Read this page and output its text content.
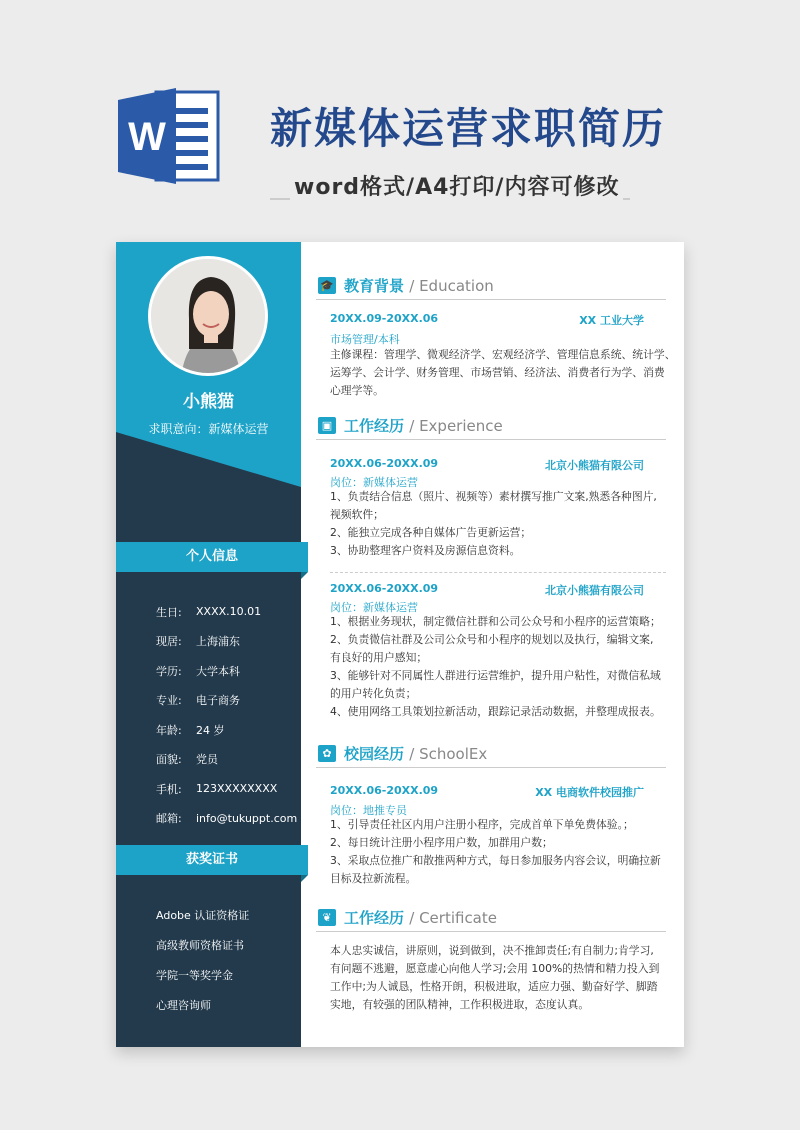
W 新媒体运营求职简历
word格式/A4打印/内容可修改
小熊猫
求职意向：新媒体运营
个人信息
生日:	XXXX.10.01
现居:	上海浦东
学历:	大学本科
专业:	电子商务
年龄:	24 岁
面貌:	党员
手机:	123XXXXXXXX
邮箱:	info@tukuppt.com
获奖证书
Adobe 认证资格证
高级教师资格证书
学院一等奖学金
心理咨询师
🎓 教育背景 / Education
20XX.09-20XX.06	XX 工业大学
市场管理/本科
主修课程：管理学、微观经济学、宏观经济学、管理信息系统、统计学、
运筹学、会计学、财务管理、市场营销、经济法、消费者行为学、消费
心理学等。
▣ 工作经历 / Experience
20XX.06-20XX.09	北京小熊猫有限公司
岗位：新媒体运营
1、负责结合信息（照片、视频等）素材撰写推广文案,熟悉各种图片,
视频软件；
2、能独立完成各种自媒体广告更新运营；
3、协助整理客户资料及房源信息资料。
20XX.06-20XX.09	北京小熊猫有限公司
岗位：新媒体运营
1、根据业务现状，制定微信社群和公司公众号和小程序的运营策略；
2、负责微信社群及公司公众号和小程序的规划以及执行，编辑文案,
有良好的用户感知；
3、能够针对不同属性人群进行运营维护，提升用户粘性，对微信私域
的用户转化负责；
4、使用网络工具策划拉新活动，跟踪记录活动数据，并整理成报表。
✿ 校园经历 / SchoolEx
20XX.06-20XX.09	XX 电商软件校园推广
岗位：地推专员
1、引导责任社区内用户注册小程序，完成首单下单免费体验。；
2、每日统计注册小程序用户数，加群用户数；
3、采取点位推广和散推两种方式，每日参加服务内容会议，明确拉新
目标及拉新流程。
❦ 工作经历 / Certificate
本人忠实诚信，讲原则，说到做到，决不推卸责任;有自制力;肯学习,
有问题不逃避，愿意虚心向他人学习;会用 100%的热情和精力投入到
工作中;为人诚恳，性格开朗，积极进取，适应力强、勤奋好学、脚踏
实地，有较强的团队精神，工作积极进取，态度认真。
